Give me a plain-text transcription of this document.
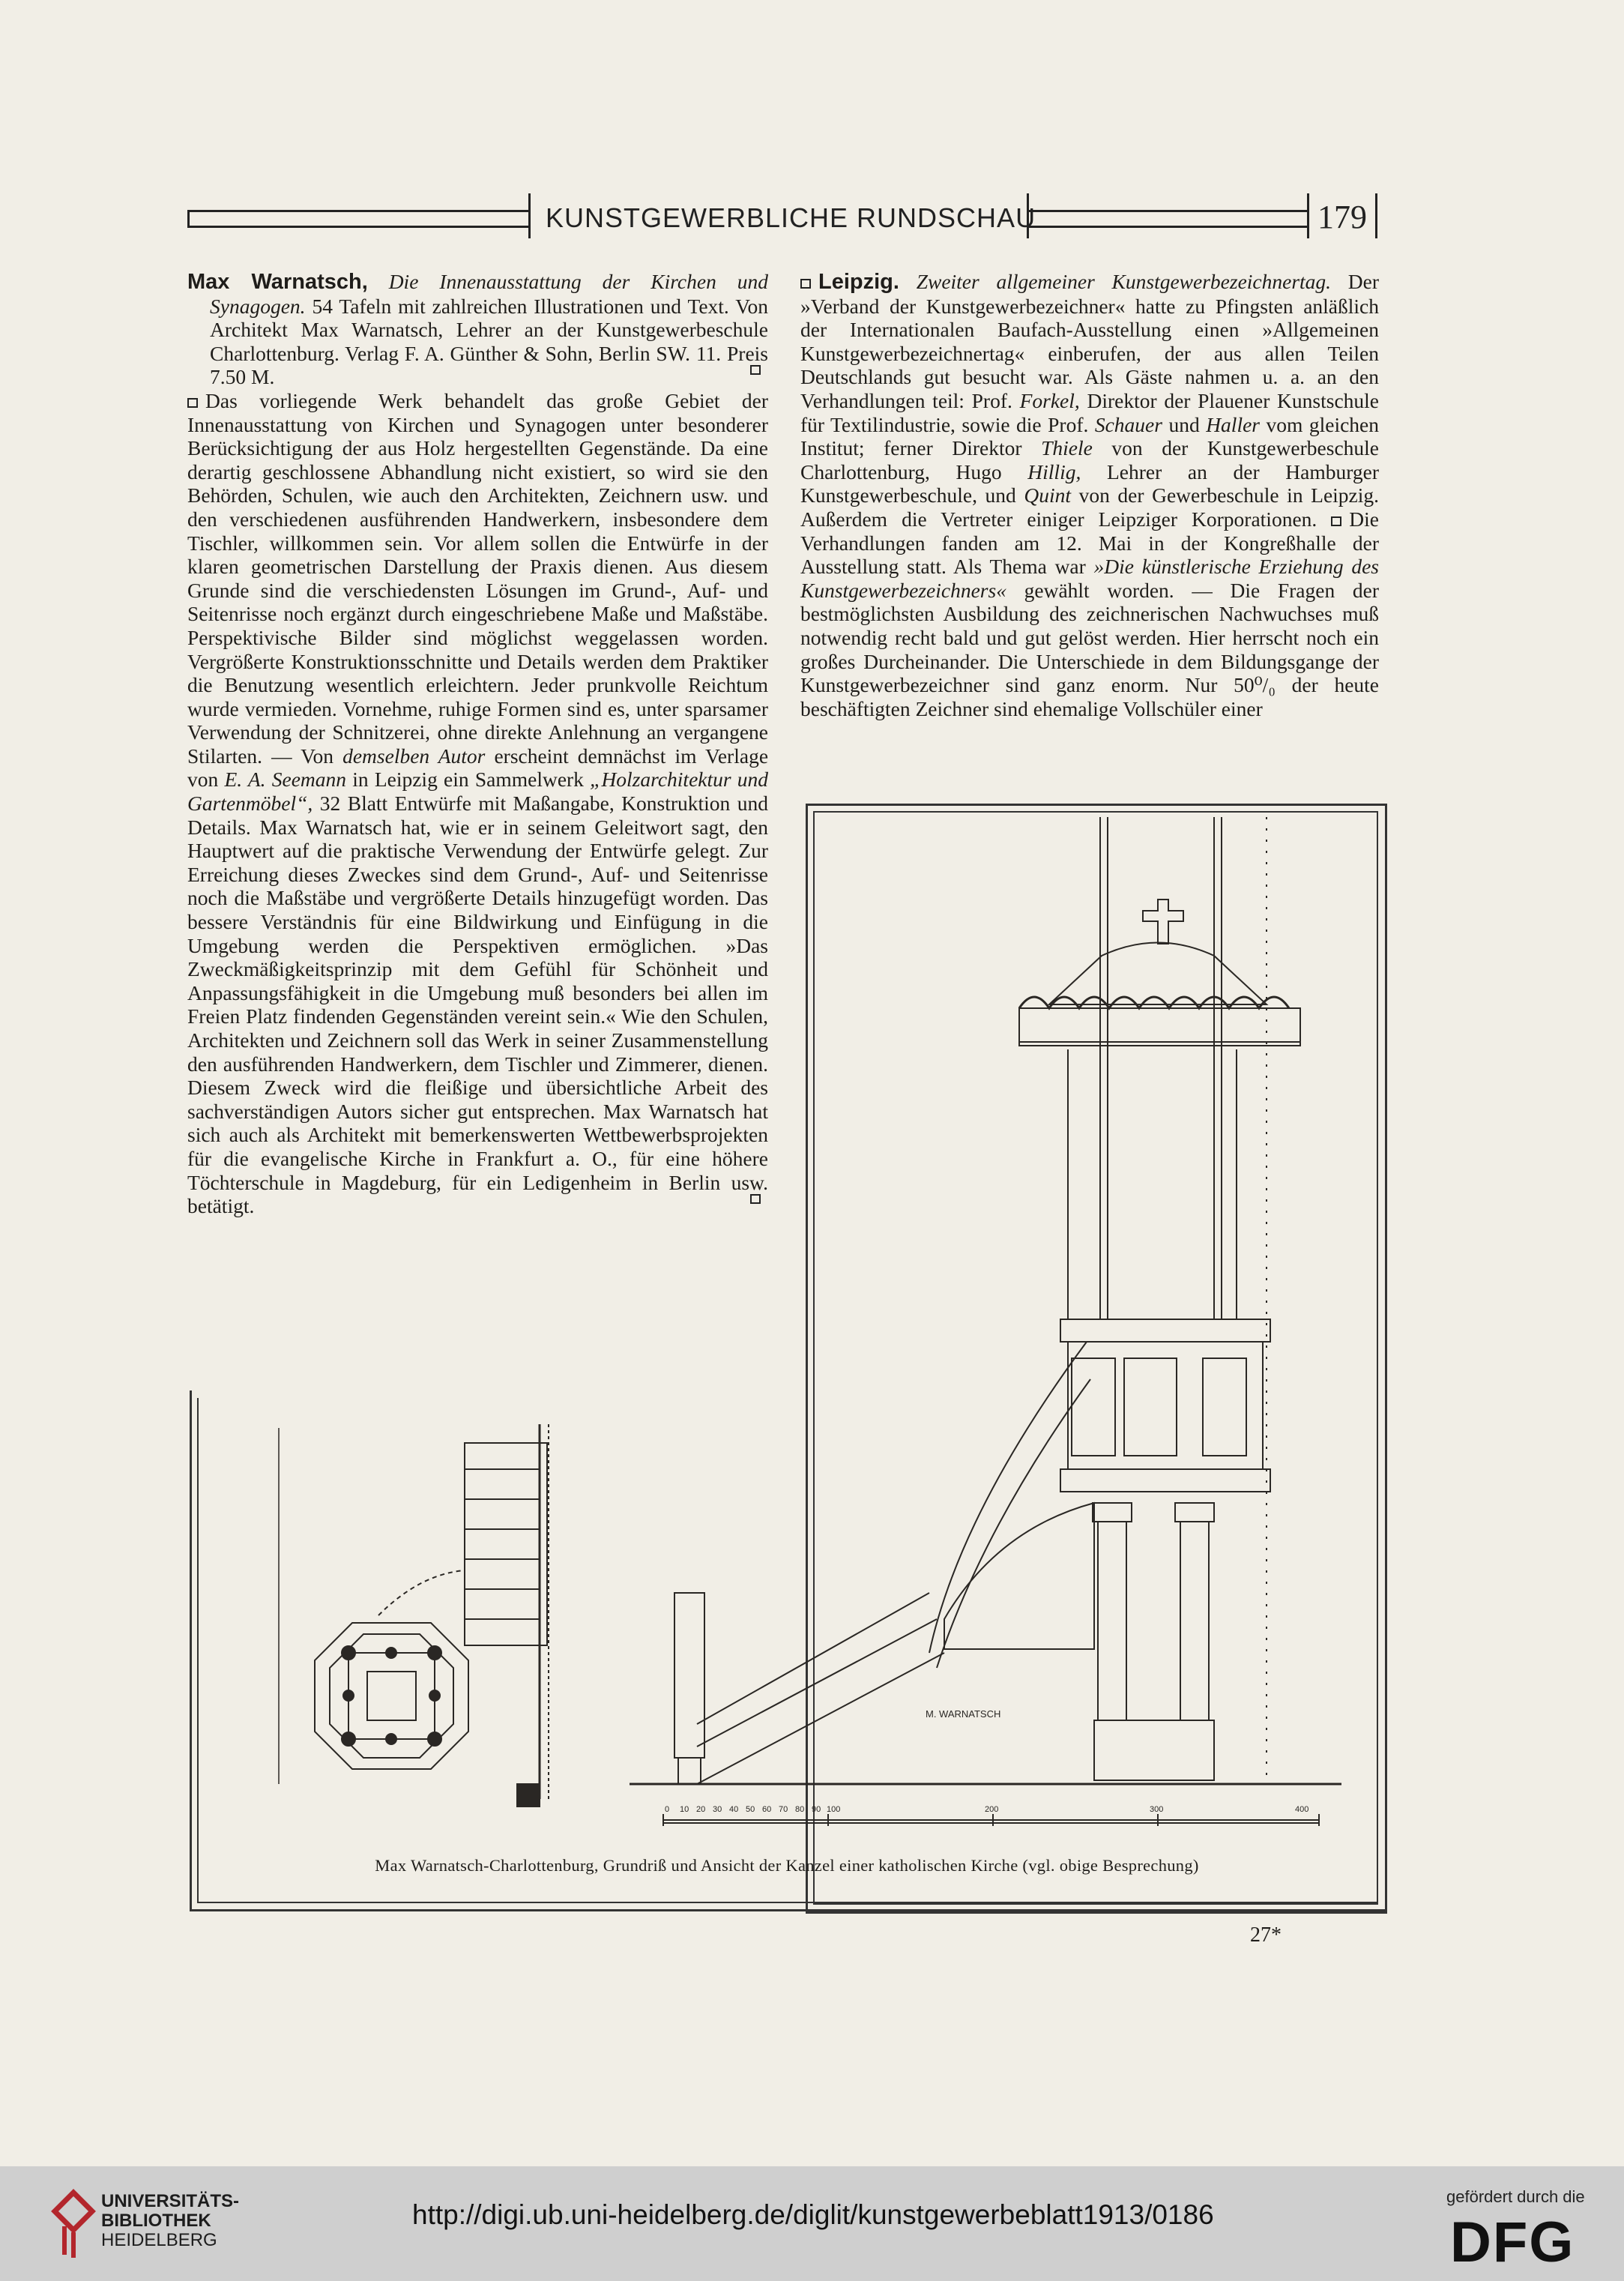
KUNSTGEWERBLICHE RUNDSCHAU	179

Max Warnatsch, Die Innenausstattung der Kirchen und Synagogen. 54 Tafeln mit zahlreichen Illustrationen und Text. Von Architekt Max Warnatsch, Lehrer an der Kunstgewerbeschule Charlottenburg. Verlag F. A. Günther & Sohn, Berlin SW. 11. Preis 7.50 M.

Das vorliegende Werk behandelt das große Gebiet der Innenausstattung von Kirchen und Synagogen unter besonderer Berücksichtigung der aus Holz hergestellten Gegenstände. Da eine derartig geschlossene Abhandlung nicht existiert, so wird sie den Behörden, Schulen, wie auch den Architekten, Zeichnern usw. und den verschiedenen ausführenden Handwerkern, insbesondere dem Tischler, willkommen sein. Vor allem sollen die Entwürfe in der klaren geometrischen Darstellung der Praxis dienen. Aus diesem Grunde sind die verschiedensten Lösungen im Grund-, Auf- und Seitenrisse noch ergänzt durch eingeschriebene Maße und Maßstäbe. Perspektivische Bilder sind möglichst weggelassen worden. Vergrößerte Konstruktionsschnitte und Details werden dem Praktiker die Benutzung wesentlich erleichtern. Jeder prunkvolle Reichtum wurde vermieden. Vornehme, ruhige Formen sind es, unter sparsamer Verwendung der Schnitzerei, ohne direkte Anlehnung an vergangene Stilarten. — Von demselben Autor erscheint demnächst im Verlage von E. A. Seemann in Leipzig ein Sammelwerk „Holzarchitektur und Gartenmöbel“, 32 Blatt Entwürfe mit Maßangabe, Konstruktion und Details. Max Warnatsch hat, wie er in seinem Geleitwort sagt, den Hauptwert auf die praktische Verwendung der Entwürfe gelegt. Zur Erreichung dieses Zweckes sind dem Grund-, Auf- und Seitenrisse noch die Maßstäbe und vergrößerte Details hinzugefügt worden. Das bessere Verständnis für eine Bildwirkung und Einfügung in die Umgebung werden die Perspektiven ermöglichen. »Das Zweckmäßigkeitsprinzip mit dem Gefühl für Schönheit und Anpassungsfähigkeit in die Umgebung muß besonders bei allen im Freien Platz findenden Gegenständen vereint sein.« Wie den Schulen, Architekten und Zeichnern soll das Werk in seiner Zusammenstellung den ausführenden Handwerkern, dem Tischler und Zimmerer, dienen. Diesem Zweck wird die fleißige und übersichtliche Arbeit des sachverständigen Autors sicher gut entsprechen. Max Warnatsch hat sich auch als Architekt mit bemerkenswerten Wettbewerbsprojekten für die evangelische Kirche in Frankfurt a. O., für eine höhere Töchterschule in Magdeburg, für ein Ledigenheim in Berlin usw. betätigt.

Leipzig. Zweiter allgemeiner Kunstgewerbezeichnertag. Der »Verband der Kunstgewerbezeichner« hatte zu Pfingsten anläßlich der Internationalen Baufach-Ausstellung einen »Allgemeinen Kunstgewerbezeichnertag« einberufen, der aus allen Teilen Deutschlands gut besucht war. Als Gäste nahmen u. a. an den Verhandlungen teil: Prof. Forkel, Direktor der Plauener Kunstschule für Textilindustrie, sowie die Prof. Schauer und Haller vom gleichen Institut; ferner Direktor Thiele von der Kunstgewerbeschule Charlottenburg, Hugo Hillig, Lehrer an der Hamburger Kunstgewerbeschule, und Quint von der Gewerbeschule in Leipzig. Außerdem die Vertreter einiger Leipziger Korporationen. Die Verhandlungen fanden am 12. Mai in der Kongreßhalle der Ausstellung statt. Als Thema war »Die künstlerische Erziehung des Kunstgewerbezeichners« gewählt worden. — Die Fragen der bestmöglichsten Ausbildung des zeichnerischen Nachwuchses muß notwendig recht bald und gut gelöst werden. Hier herrscht noch ein großes Durcheinander. Die Unterschiede in dem Bildungsgange der Kunstgewerbezeichner sind ganz enorm. Nur 50⁰/₀ der heute beschäftigten Zeichner sind ehemalige Vollschüler einer

M. WARNATSCH
0 10 20 30 40 50 60 70 80 90 100	200	300	400
Max Warnatsch-Charlottenburg, Grundriß und Ansicht der Kanzel einer katholischen Kirche (vgl. obige Besprechung)
27*
UNIVERSITÄTS-
BIBLIOTHEK
HEIDELBERG
http://digi.ub.uni-heidelberg.de/diglit/kunstgewerbeblatt1913/0186
gefördert durch die
DFG
